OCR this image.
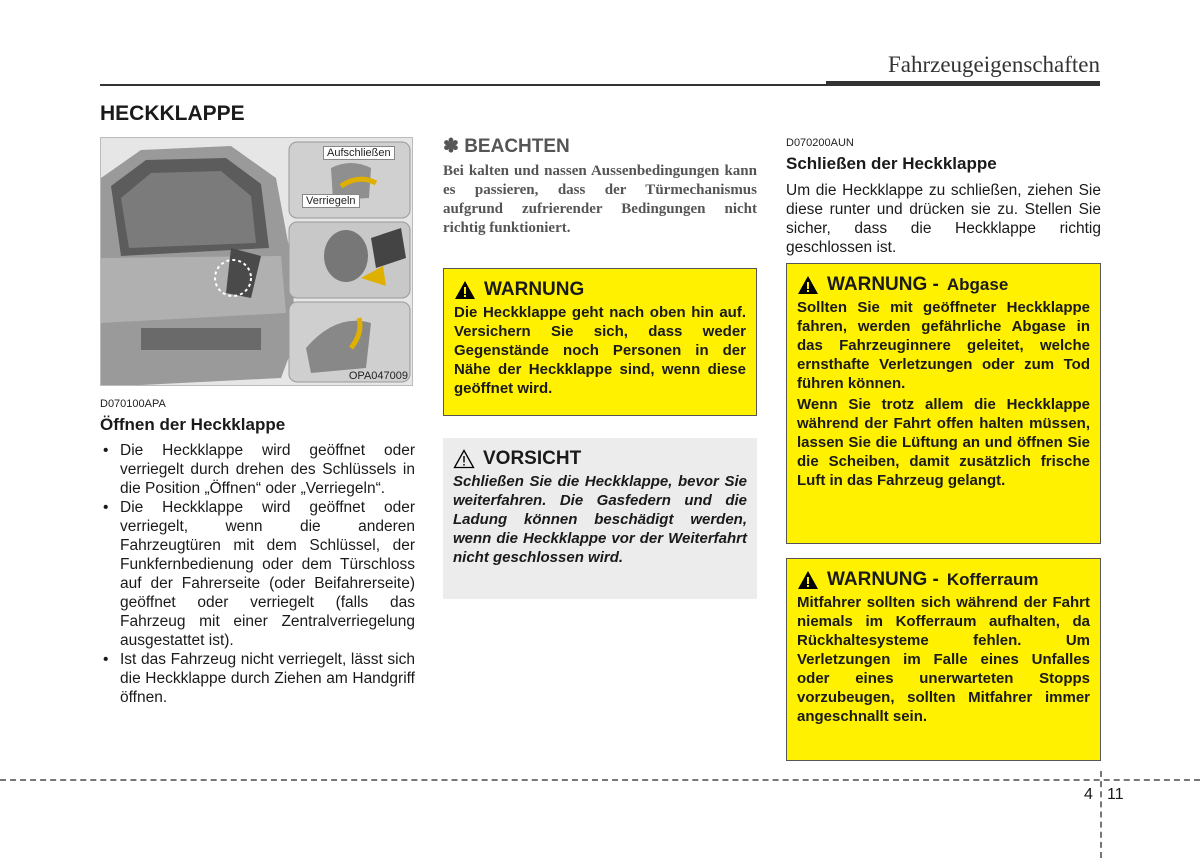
Fahrzeugeigenschaften
HECKKLAPPE
Aufschließen
Verriegeln
OPA047009
D070100APA
Öffnen der Heckklappe
• Die Heckklappe wird geöffnet oder verriegelt durch drehen des Schlüssels in die Position „Öffnen“ oder „Verriegeln“.
• Die Heckklappe wird geöffnet oder verriegelt, wenn die anderen Fahrzeugtüren mit dem Schlüssel, der Funkfernbedienung oder dem Türschloss auf der Fahrerseite (oder Beifahrerseite) geöffnet oder verriegelt (falls das Fahrzeug mit einer Zentralverriegelung ausgestattet ist).
• Ist das Fahrzeug nicht verriegelt, lässt sich die Heckklappe durch Ziehen am Handgriff öffnen.
✽ BEACHTEN
Bei kalten und nassen Aussenbedingungen kann es passieren, dass der Türmechanismus aufgrund zufrierender Bedingungen nicht richtig funktioniert.
WARNUNG
Die Heckklappe geht nach oben hin auf. Versichern Sie sich, dass weder Gegenstände noch Personen in der Nähe der Heckklappe sind, wenn diese geöffnet wird.
VORSICHT
Schließen Sie die Heckklappe, bevor Sie weiterfahren. Die Gasfedern und die Ladung können beschädigt werden, wenn die Heckklappe vor der Weiterfahrt nicht geschlossen wird.
D070200AUN
Schließen der Heckklappe
Um die Heckklappe zu schließen, ziehen Sie diese runter und drücken sie zu. Stellen Sie sicher, dass die Heckklappe richtig geschlossen ist.
WARNUNG - Abgase
Sollten Sie mit geöffneter Heckklappe fahren, werden gefährliche Abgase in das Fahrzeuginnere geleitet, welche ernsthafte Verletzungen oder zum Tod führen können.
Wenn Sie trotz allem die Heckklappe während der Fahrt offen halten müssen, lassen Sie die Lüftung an und öffnen Sie die Scheiben, damit zusätzlich frische Luft in das Fahrzeug gelangt.
WARNUNG - Kofferraum
Mitfahrer sollten sich während der Fahrt niemals im Kofferraum aufhalten, da Rückhaltesysteme fehlen. Um Verletzungen im Falle eines Unfalles oder eines unerwarteten Stopps vorzubeugen, sollten Mitfahrer immer angeschnallt sein.
4 11
